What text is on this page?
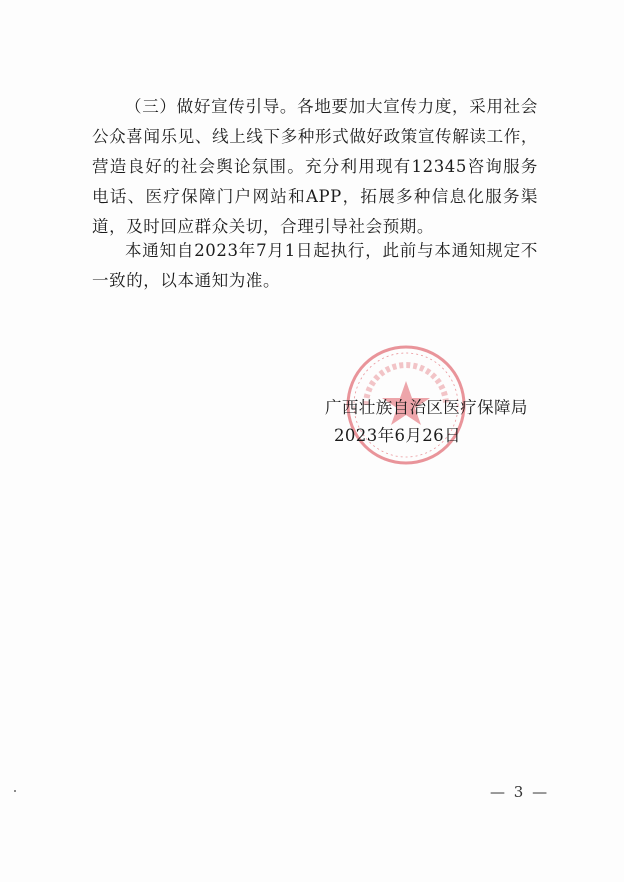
（三）做好宣传引导。各地要加大宣传力度，采用社会公众喜闻乐见、线上线下多种形式做好政策宣传解读工作，营造良好的社会舆论氛围。充分利用现有12345咨询服务电话、医疗保障门户网站和APP，拓展多种信息化服务渠道，及时回应群众关切，合理引导社会预期。

本通知自2023年7月1日起执行，此前与本通知规定不一致的，以本通知为准。

广西壮族自治区医疗保障局
2023年6月26日
— 3 —
